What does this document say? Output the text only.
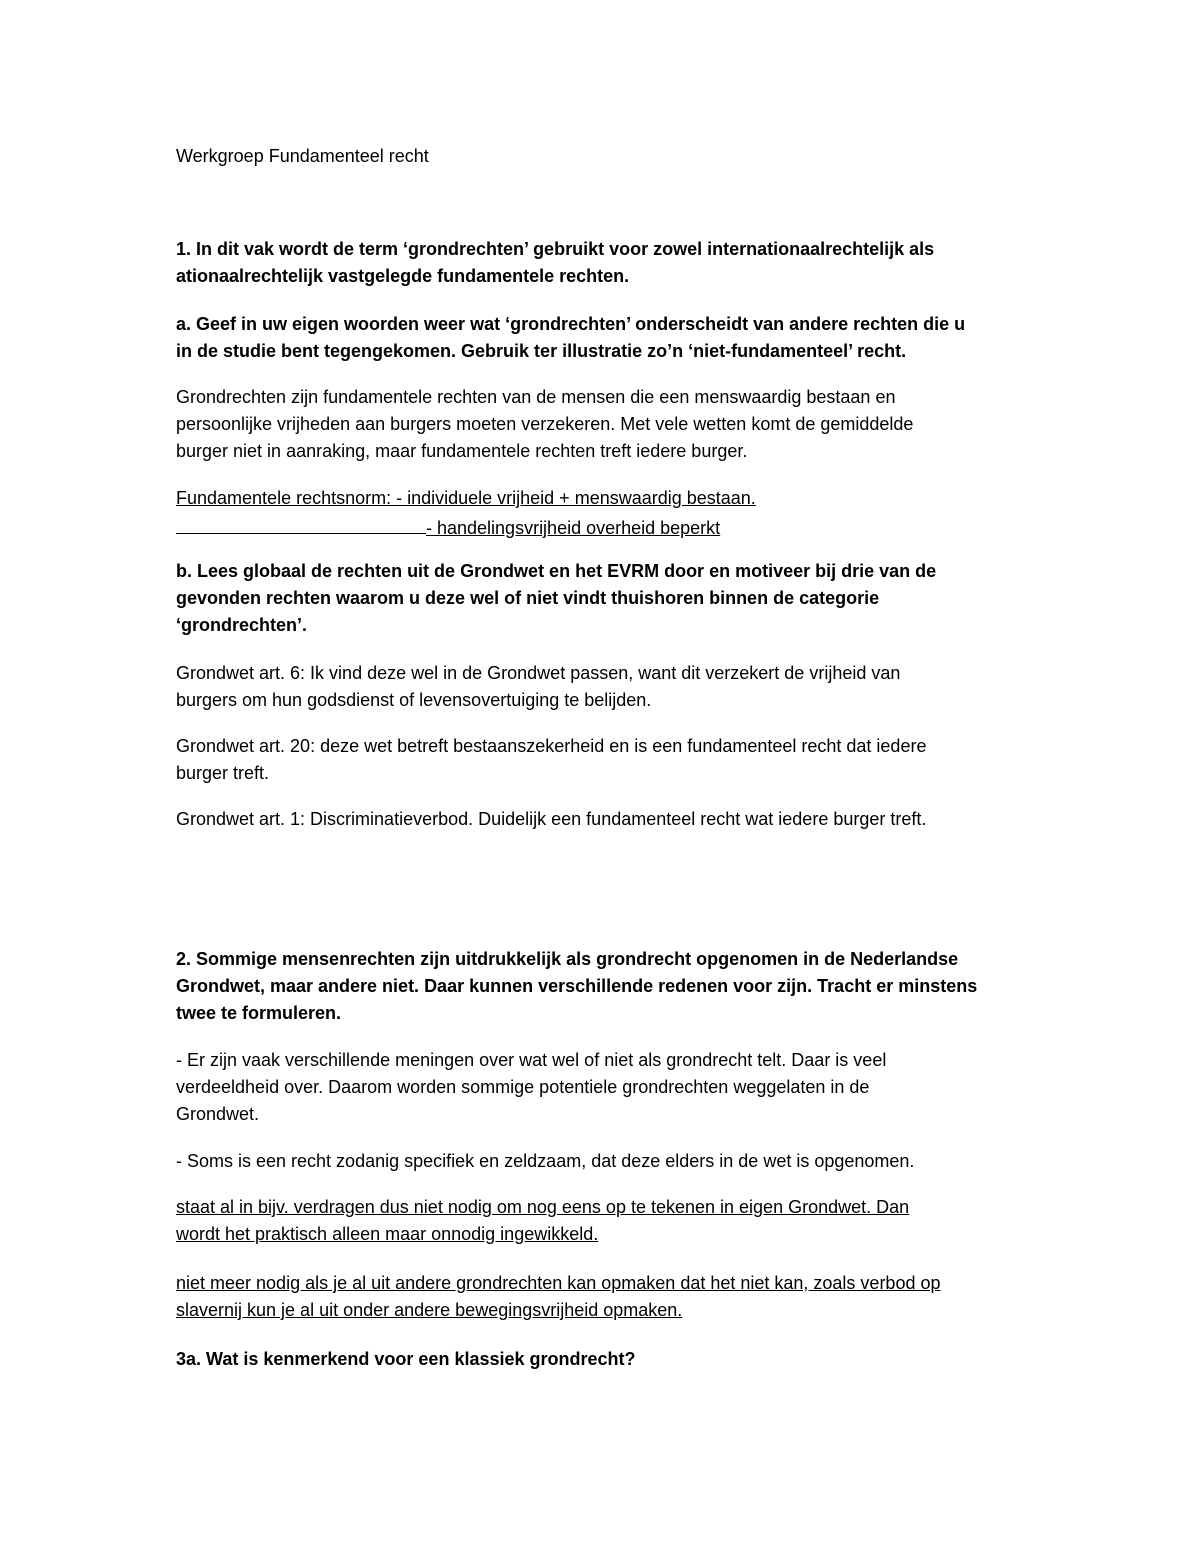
Werkgroep Fundamenteel recht

1. In dit vak wordt de term ‘grondrechten’ gebruikt voor zowel internationaalrechtelijk als
ationaalrechtelijk vastgelegde fundamentele rechten.
a. Geef in uw eigen woorden weer wat ‘grondrechten’ onderscheidt van andere rechten die u
in de studie bent tegengekomen. Gebruik ter illustratie zo’n ‘niet-fundamenteel’ recht.
Grondrechten zijn fundamentele rechten van de mensen die een menswaardig bestaan en
persoonlijke vrijheden aan burgers moeten verzekeren. Met vele wetten komt de gemiddelde
burger niet in aanraking, maar fundamentele rechten treft iedere burger.
Fundamentele rechtsnorm: - individuele vrijheid + menswaardig bestaan.
- handelingsvrijheid overheid beperkt
b. Lees globaal de rechten uit de Grondwet en het EVRM door en motiveer bij drie van de
gevonden rechten waarom u deze wel of niet vindt thuishoren binnen de categorie
‘grondrechten’.
Grondwet art. 6: Ik vind deze wel in de Grondwet passen, want dit verzekert de vrijheid van
burgers om hun godsdienst of levensovertuiging te belijden.
Grondwet art. 20: deze wet betreft bestaanszekerheid en is een fundamenteel recht dat iedere
burger treft.
Grondwet art. 1: Discriminatieverbod. Duidelijk een fundamenteel recht wat iedere burger treft.
2. Sommige mensenrechten zijn uitdrukkelijk als grondrecht opgenomen in de Nederlandse
Grondwet, maar andere niet. Daar kunnen verschillende redenen voor zijn. Tracht er minstens
twee te formuleren.
- Er zijn vaak verschillende meningen over wat wel of niet als grondrecht telt. Daar is veel
verdeeldheid over. Daarom worden sommige potentiele grondrechten weggelaten in de
Grondwet.
- Soms is een recht zodanig specifiek en zeldzaam, dat deze elders in de wet is opgenomen.
staat al in bijv. verdragen dus niet nodig om nog eens op te tekenen in eigen Grondwet. Dan
wordt het praktisch alleen maar onnodig ingewikkeld.
niet meer nodig als je al uit andere grondrechten kan opmaken dat het niet kan, zoals verbod op
slavernij kun je al uit onder andere bewegingsvrijheid opmaken.
3a. Wat is kenmerkend voor een klassiek grondrecht?
